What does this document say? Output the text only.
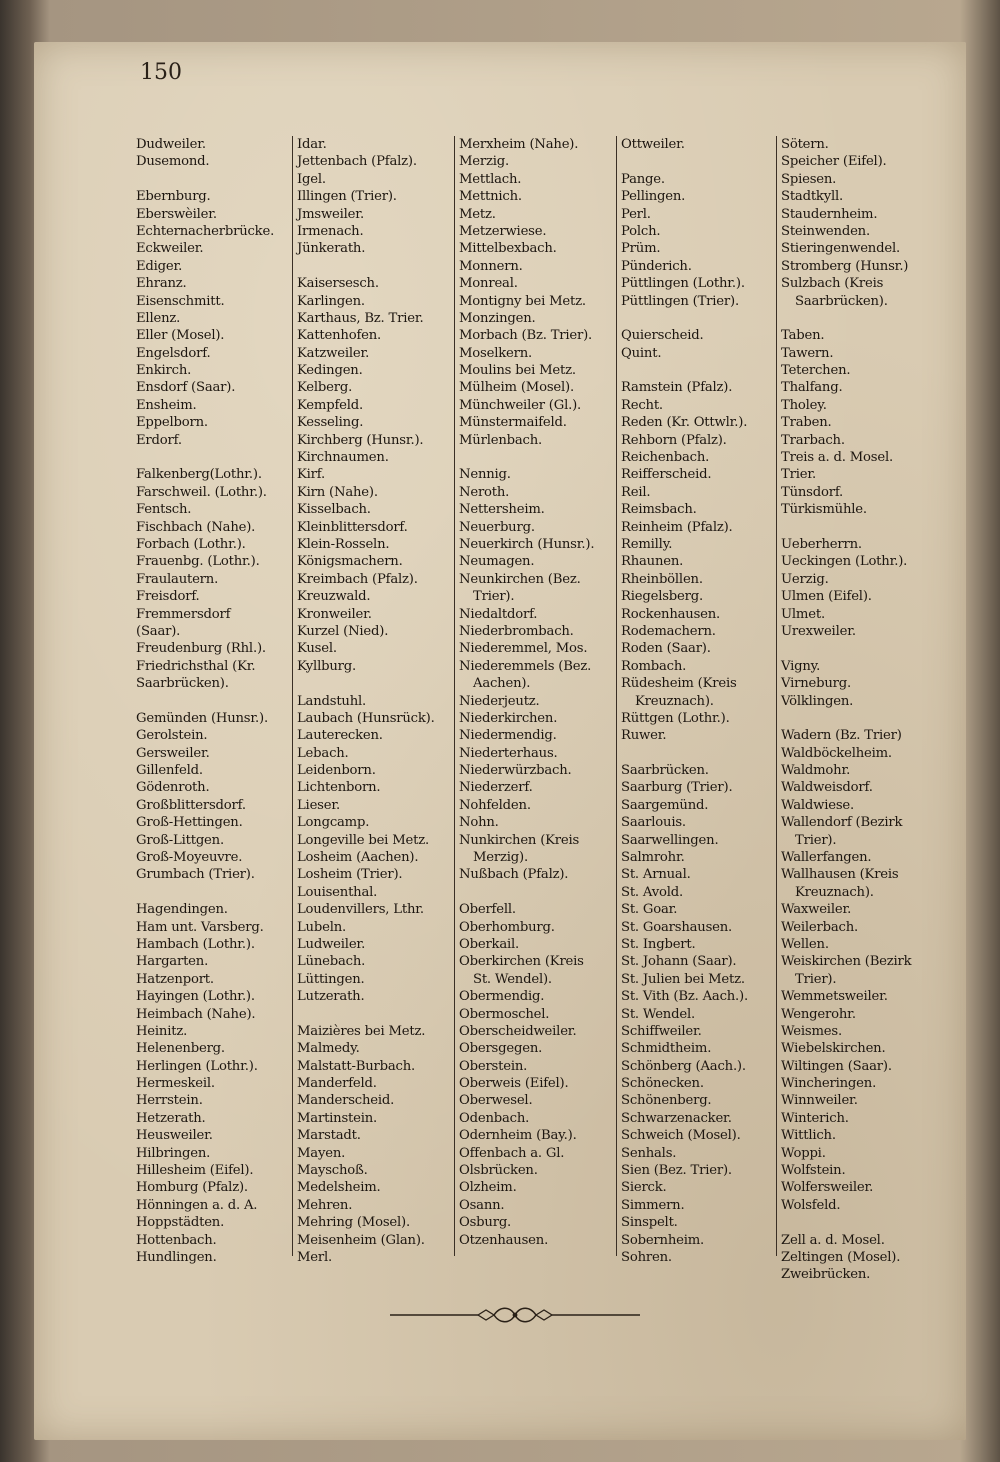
150
Dudweiler.
Dusemond.
Ebernburg.
Eberswèiler.
Echternacherbrücke.
Eckweiler.
Ediger.
Ehranz.
Eisenschmitt.
Ellenz.
Eller (Mosel).
Engelsdorf.
Enkirch.
Ensdorf (Saar).
Ensheim.
Eppelborn.
Erdorf.
Falkenberg(Lothr.).
Farschweil. (Lothr.).
Fentsch.
Fischbach (Nahe).
Forbach (Lothr.).
Frauenbg. (Lothr.).
Fraulautern.
Freisdorf.
Fremmersdorf
(Saar).
Freudenburg (Rhl.).
Friedrichsthal (Kr.
Saarbrücken).
Gemünden (Hunsr.).
Gerolstein.
Gersweiler.
Gillenfeld.
Gödenroth.
Großblittersdorf.
Groß-Hettingen.
Groß-Littgen.
Groß-Moyeuvre.
Grumbach (Trier).
Hagendingen.
Ham unt. Varsberg.
Hambach (Lothr.).
Hargarten.
Hatzenport.
Hayingen (Lothr.).
Heimbach (Nahe).
Heinitz.
Helenenberg.
Herlingen (Lothr.).
Hermeskeil.
Herrstein.
Hetzerath.
Heusweiler.
Hilbringen.
Hillesheim (Eifel).
Homburg (Pfalz).
Hönningen a. d. A.
Hoppstädten.
Hottenbach.
Hundlingen.
Idar.
Jettenbach (Pfalz).
Igel.
Illingen (Trier).
Jmsweiler.
Irmenach.
Jünkerath.
Kaisersesch.
Karlingen.
Karthaus, Bz. Trier.
Kattenhofen.
Katzweiler.
Kedingen.
Kelberg.
Kempfeld.
Kesseling.
Kirchberg (Hunsr.).
Kirchnaumen.
Kirf.
Kirn (Nahe).
Kisselbach.
Kleinblittersdorf.
Klein-Rosseln.
Königsmachern.
Kreimbach (Pfalz).
Kreuzwald.
Kronweiler.
Kurzel (Nied).
Kusel.
Kyllburg.
Landstuhl.
Laubach (Hunsrück).
Lauterecken.
Lebach.
Leidenborn.
Lichtenborn.
Lieser.
Longcamp.
Longeville bei Metz.
Losheim (Aachen).
Losheim (Trier).
Louisenthal.
Loudenvillers, Lthr.
Lubeln.
Ludweiler.
Lünebach.
Lüttingen.
Lutzerath.
Maizières bei Metz.
Malmedy.
Malstatt-Burbach.
Manderfeld.
Manderscheid.
Martinstein.
Marstadt.
Mayen.
Mayschoß.
Medelsheim.
Mehren.
Mehring (Mosel).
Meisenheim (Glan).
Merl.
Merxheim (Nahe).
Merzig.
Mettlach.
Mettnich.
Metz.
Metzerwiese.
Mittelbexbach.
Monnern.
Monreal.
Montigny bei Metz.
Monzingen.
Morbach (Bz. Trier).
Moselkern.
Moulins bei Metz.
Mülheim (Mosel).
Münchweiler (Gl.).
Münstermaifeld.
Mürlenbach.
Nennig.
Neroth.
Nettersheim.
Neuerburg.
Neuerkirch (Hunsr.).
Neumagen.
Neunkirchen (Bez.
Trier).
Niedaltdorf.
Niederbrombach.
Niederemmel, Mos.
Niederemmels (Bez.
Aachen).
Niederjeutz.
Niederkirchen.
Niedermendig.
Niederterhaus.
Niederwürzbach.
Niederzerf.
Nohfelden.
Nohn.
Nunkirchen (Kreis
Merzig).
Nußbach (Pfalz).
Oberfell.
Oberhomburg.
Oberkail.
Oberkirchen (Kreis
St. Wendel).
Obermendig.
Obermoschel.
Oberscheidweiler.
Obersgegen.
Oberstein.
Oberweis (Eifel).
Oberwesel.
Odenbach.
Odernheim (Bay.).
Offenbach a. Gl.
Olsbrücken.
Olzheim.
Osann.
Osburg.
Otzenhausen.
Ottweiler.
Pange.
Pellingen.
Perl.
Polch.
Prüm.
Pünderich.
Püttlingen (Lothr.).
Püttlingen (Trier).
Quierscheid.
Quint.
Ramstein (Pfalz).
Recht.
Reden (Kr. Ottwlr.).
Rehborn (Pfalz).
Reichenbach.
Reifferscheid.
Reil.
Reimsbach.
Reinheim (Pfalz).
Remilly.
Rhaunen.
Rheinböllen.
Riegelsberg.
Rockenhausen.
Rodemachern.
Roden (Saar).
Rombach.
Rüdesheim (Kreis
Kreuznach).
Rüttgen (Lothr.).
Ruwer.
Saarbrücken.
Saarburg (Trier).
Saargemünd.
Saarlouis.
Saarwellingen.
Salmrohr.
St. Arnual.
St. Avold.
St. Goar.
St. Goarshausen.
St. Ingbert.
St. Johann (Saar).
St. Julien bei Metz.
St. Vith (Bz. Aach.).
St. Wendel.
Schiffweiler.
Schmidtheim.
Schönberg (Aach.).
Schönecken.
Schönenberg.
Schwarzenacker.
Schweich (Mosel).
Senhals.
Sien (Bez. Trier).
Sierck.
Simmern.
Sinspelt.
Sobernheim.
Sohren.
Sötern.
Speicher (Eifel).
Spiesen.
Stadtkyll.
Staudernheim.
Steinwenden.
Stieringenwendel.
Stromberg (Hunsr.)
Sulzbach (Kreis
Saarbrücken).
Taben.
Tawern.
Teterchen.
Thalfang.
Tholey.
Traben.
Trarbach.
Treis a. d. Mosel.
Trier.
Tünsdorf.
Türkismühle.
Ueberherrn.
Ueckingen (Lothr.).
Uerzig.
Ulmen (Eifel).
Ulmet.
Urexweiler.
Vigny.
Virneburg.
Völklingen.
Wadern (Bz. Trier)
Waldböckelheim.
Waldmohr.
Waldweisdorf.
Waldwiese.
Wallendorf (Bezirk
Trier).
Wallerfangen.
Wallhausen (Kreis
Kreuznach).
Waxweiler.
Weilerbach.
Wellen.
Weiskirchen (Bezirk
Trier).
Wemmetsweiler.
Wengerohr.
Weismes.
Wiebelskirchen.
Wiltingen (Saar).
Wincheringen.
Winnweiler.
Winterich.
Wittlich.
Woppi.
Wolfstein.
Wolfersweiler.
Wolsfeld.
Zell a. d. Mosel.
Zeltingen (Mosel).
Zweibrücken.
